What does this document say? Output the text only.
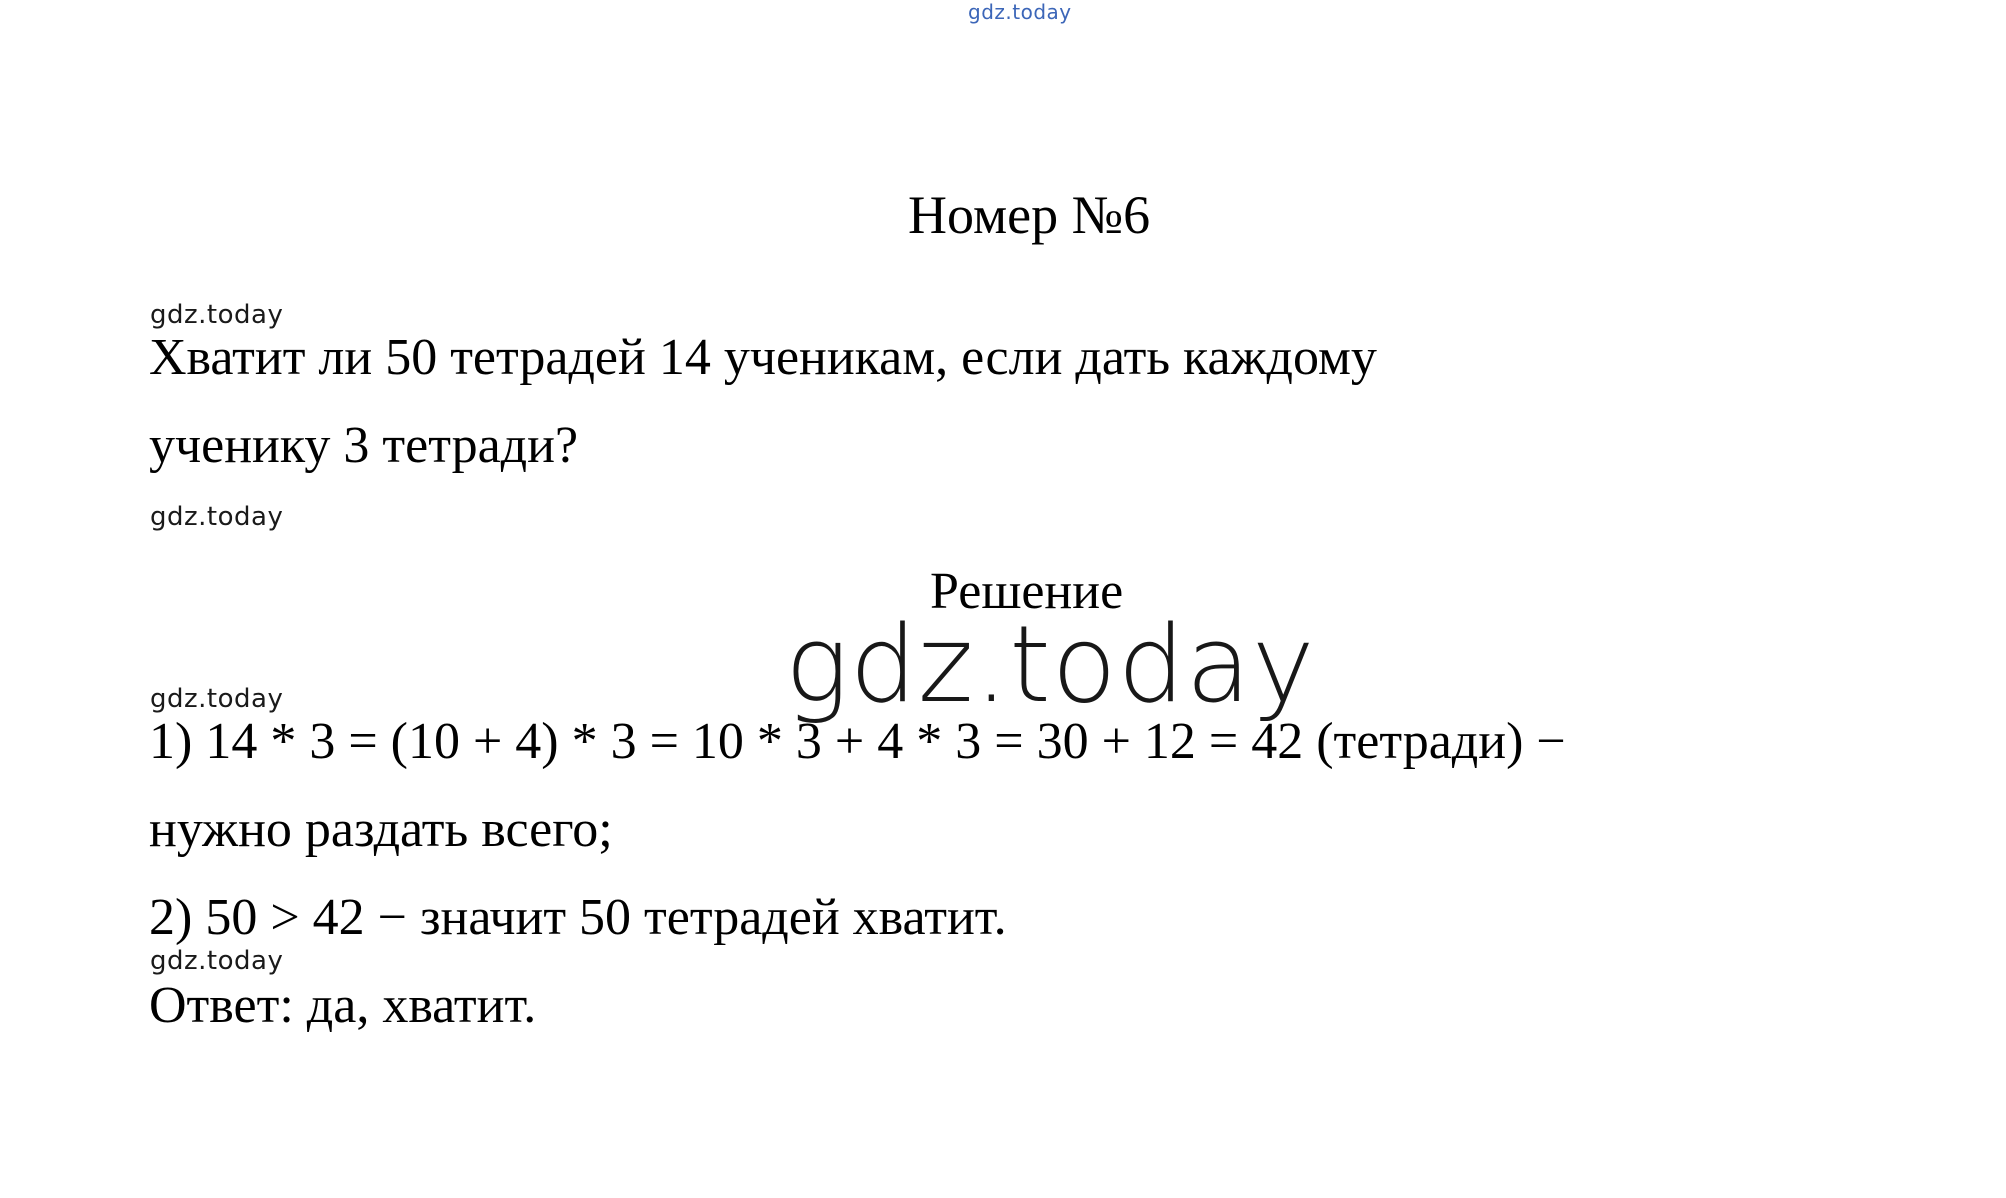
gdz.today
Номер №6
gdz.today
Хватит ли 50 тетрадей 14 ученикам, если дать каждому
ученику 3 тетради?
gdz.today
Решение
gdz.today
gdz.today
1) 14 * 3 = (10 + 4) * 3 = 10 * 3 + 4 * 3 = 30 + 12 = 42 (тетради) −
нужно раздать всего;
2) 50 > 42 − значит 50 тетрадей хватит.
gdz.today
Ответ: да, хватит.
